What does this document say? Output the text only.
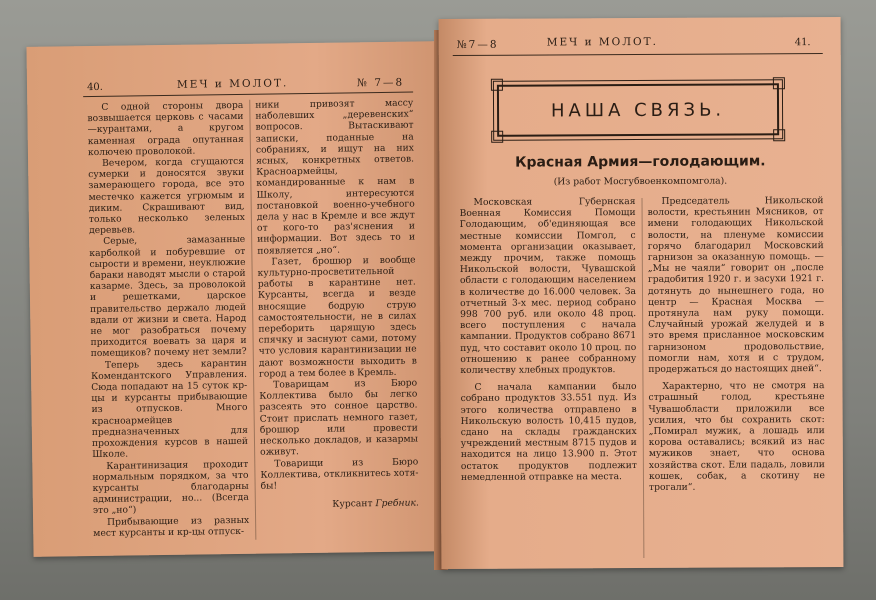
40.	МЕЧ и МОЛОТ.	№ 7—8

С одной стороны двора возвышается церковь с часами—курантами, а кругом каменная ограда опутанная колючею проволокой.

Вечером, когда сгущаются сумерки и доносятся звуки замерающего города, все это местечко кажется угрюмым и диким. Скрашивают вид, только несколько зеленых деревьев.

Серые, замазанные карболкой и побуревшие от сырости и времени, неуклюжие бараки наводят мысли о старой казарме. Здесь, за проволокой и решетками, царское правительство держало людей вдали от жизни и света. Народ не мог разобраться почему приходится воевать за царя и помещиков? почему нет земли?

Теперь здесь карантин Комендантского Управления. Сюда попадают на 15 суток кр-цы и курсанты прибывающие из отпусков. Много красноармейцев предназначенных для прохождения курсов в нашей Школе.

Карантинизация проходит нормальным порядком, за что курсанты благодарны администрации, но... (Всегда это „но“)

Прибывающие из разных мест курсанты и кр-цы отпуск-

ники привозят массу наболевших „деревенских“ вопросов. Вытаскивают записки, поданные на собраниях, и ищут на них ясных, конкретных ответов. Красноармейцы, командированные к нам в Школу, интересуются постановкой военно-учебного дела у нас в Кремле и все ждут от кого-то раз'яснения и информации. Вот здесь то и появляется „но“.

Газет, брошюр и вообще культурно-просветительной работы в карантине нет. Курсанты, всегда и везде вносящие бодрую струю самостоятельности, не в силах переборить царящую здесь спячку и заснуют сами, потому что условия карантинизации не дают возможности выходить в город а тем более в Кремль.

Товарищам из Бюро Коллектива было бы легко разсеять это сонное царство. Стоит прислать немного газет, брошюр или провести несколько докладов, и казармы оживут.

Товарищи из Бюро Коллектива, откликнитесь хотя-бы!

Курсант Гребник.

№7—8	МЕЧ и МОЛОТ.	41.
НАША СВЯЗЬ.
Красная Армия—голодающим.
(Из работ Мосгубвоенкомпомгола).

Московская Губернская Военная Комиссия Помощи Голодающим, об'единяющая все местные комиссии Помгол, с момента организации оказывает, между прочим, также помощь Никольской волости, Чувашской области с голодающим населением в количестве до 16.000 человек. За отчетный 3-х мес. период собрано 998 700 руб. или около 48 проц. всего поступления с начала кампании. Продуктов собрано 8671 пуд, что составит около 10 проц. по отношению к ранее собранному количеству хлебных продуктов.

С начала кампании было собрано продуктов 33.551 пуд. Из этого количества отправлено в Никольскую волость 10,415 пудов, сдано на склады гражданских учреждений местным 8715 пудов и находится на лицо 13.900 п. Этот остаток продуктов подлежит немедленной отправке на места.

Председатель Никольской волости, крестьянин Мясников, от имени голодающих Никольской волости, на пленуме комиссии горячо благодарил Московский гарнизон за оказанную помощь. —„Мы не чаяли“ говорит он „после градобития 1920 г. и засухи 1921 г. дотянуть до нынешнего года, но центр — Красная Москва — протянула нам руку помощи. Случайный урожай желудей и в это время присланное московским гарнизоном продовольствие, помогли нам, хотя и с трудом, продержаться до настоящих дней“.

Характерно, что не смотря на страшный голод, крестьяне Чувашобласти приложили все усилия, что бы сохранить скот: „Помирал мужик, а лошадь или корова оставались; всякий из нас мужиков знает, что основа хозяйства скот. Ели падаль, ловили кошек, собак, а скотину не трогали“.
